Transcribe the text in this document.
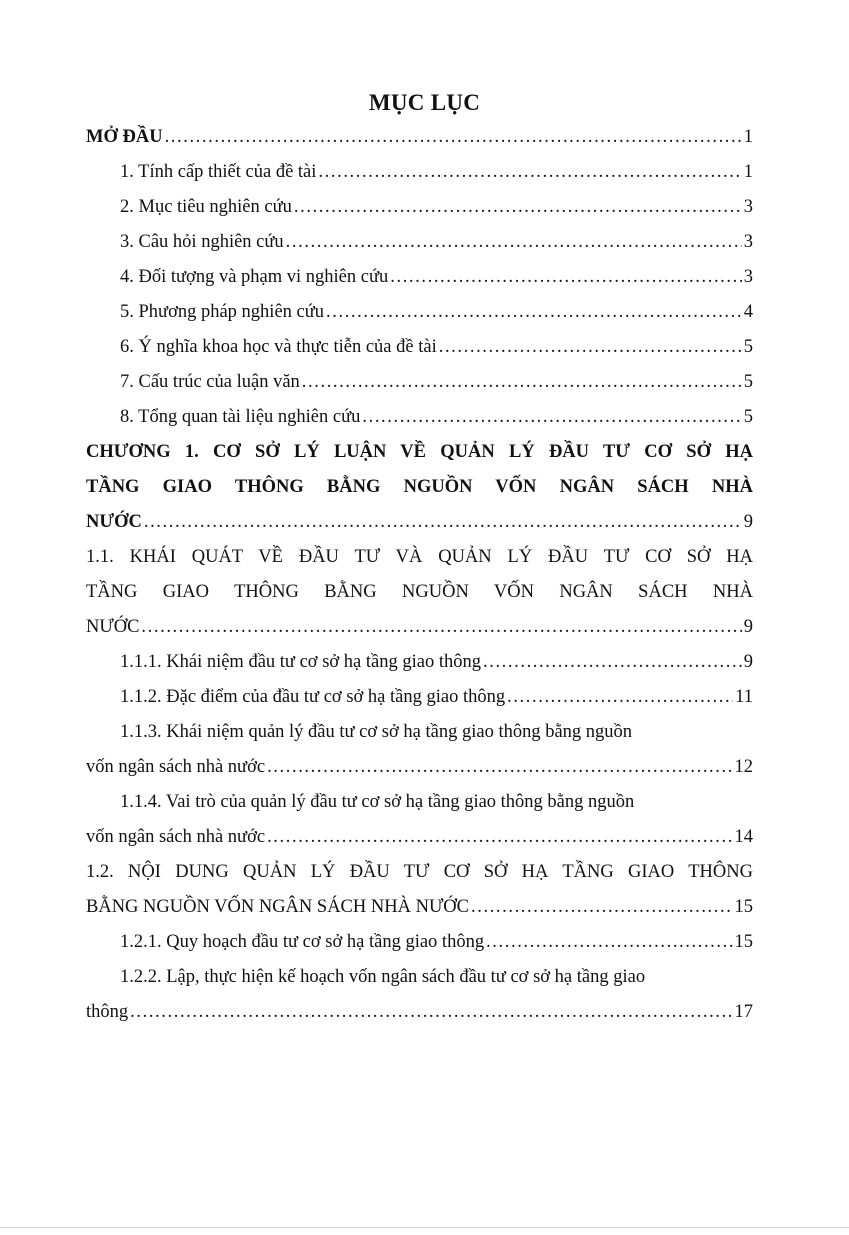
MỤC LỤC
MỞ ĐẦU .....	1
1. Tính cấp thiết của đề tài .....	1
2. Mục tiêu nghiên cứu .....	3
3. Câu hỏi nghiên cứu .....	3
4. Đối tượng và phạm vi nghiên cứu .....	3
5. Phương pháp nghiên cứu .....	4
6. Ý nghĩa khoa học và thực tiễn của đề tài .....	5
7. Cấu trúc của luận văn .....	5
8. Tổng quan tài liệu nghiên cứu .....	5
CHƯƠNG 1. CƠ SỞ LÝ LUẬN VỀ QUẢN LÝ ĐẦU TƯ CƠ SỞ HẠ
TẦNG GIAO THÔNG BẰNG NGUỒN VỐN NGÂN SÁCH NHÀ
NƯỚC .....	9
1.1. KHÁI QUÁT VỀ ĐẦU TƯ VÀ QUẢN LÝ ĐẦU TƯ CƠ SỞ HẠ
TẦNG GIAO THÔNG BẰNG NGUỒN VỐN NGÂN SÁCH NHÀ
NƯỚC .....	9
1.1.1. Khái niệm đầu tư cơ sở hạ tầng giao thông .....	9
1.1.2. Đặc điểm của đầu tư cơ sở hạ tầng giao thông .....	11
1.1.3. Khái niệm quản lý đầu tư cơ sở hạ tầng giao thông bằng nguồn
vốn ngân sách nhà nước .....	12
1.1.4. Vai trò của quản lý đầu tư cơ sở hạ tầng giao thông bằng nguồn
vốn ngân sách nhà nước .....	14
1.2. NỘI DUNG QUẢN LÝ ĐẦU TƯ CƠ SỞ HẠ TẦNG GIAO THÔNG
BẰNG NGUỒN VỐN NGÂN SÁCH NHÀ NƯỚC .....	15
1.2.1. Quy hoạch đầu tư cơ sở hạ tầng giao thông .....	15
1.2.2. Lập, thực hiện kế hoạch vốn ngân sách đầu tư cơ sở hạ tầng giao
thông .....	17
